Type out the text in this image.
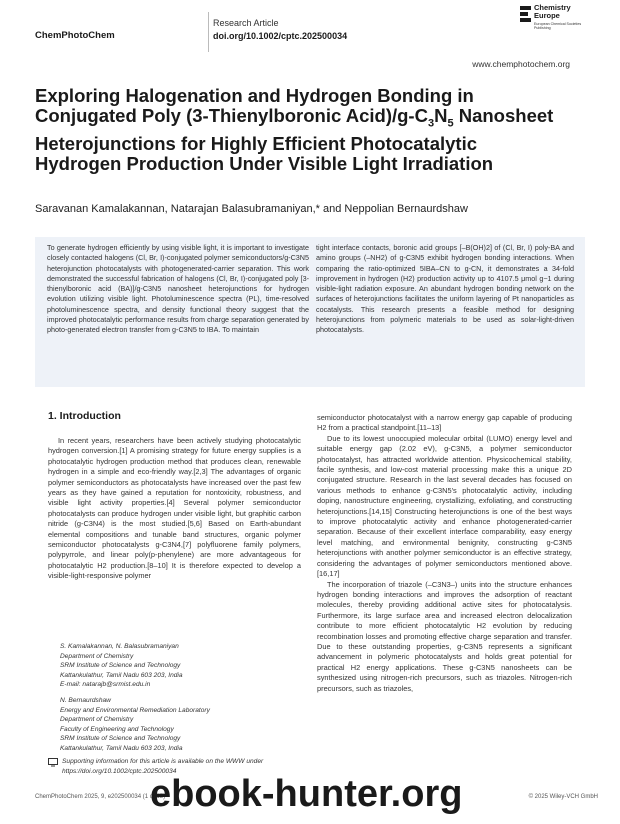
ChemPhotoChem
Research Article
doi.org/10.1002/cptc.202500034
Chemistry
Europe
European Chemical Societies Publishing
www.chemphotochem.org
Exploring Halogenation and Hydrogen Bonding in Conjugated Poly (3-Thienylboronic $Acid)/g-C_3N_5$ Nanosheet Heterojunctions for Highly Efficient Photocatalytic Hydrogen Production Under Visible Light Irradiation
Saravanan Kamalakannan, Natarajan Balasubramaniyan,* and Neppolian Bernaurdshaw
To generate hydrogen efficiently by using visible light, it is important to investigate closely contacted halogens (Cl, Br, I)-conjugated polymer semiconductors/g-C3N5 heterojunction photocatalysts with photogenerated-carrier separation. This work demonstrated the successful fabrication of halogens (Cl, Br, I)-conjugated poly [3-thienylboronic acid (BA)]/g-C3N5 nanosheet heterojunctions for hydrogen evolution utilizing visible light. Photoluminescence spectra (PL), time-resolved photoluminescence spectra, and density functional theory suggest that the improved photocatalytic performance results from charge separation generated by photo-generated electron transfer from g-C3N5 to IBA. To maintain
tight interface contacts, boronic acid groups [–B(OH)2] of (Cl, Br, I) poly-BA and amino groups (–NH2) of g-C3N5 exhibit hydrogen bonding interactions. When comparing the ratio-optimized 5IBA–CN to g-CN, it demonstrates a 34-fold improvement in hydrogen (H2) production activity up to 4107.5 μmol g−1 during visible-light radiation exposure. An abundant hydrogen bonding network on the surfaces of heterojunctions facilitates the uniform layering of Pt nanoparticles as cocatalysts. This research presents a feasible method for designing heterojunctions from polymeric materials to be used as solar-light-driven photocatalysts.
1. Introduction

In recent years, researchers have been actively studying photocatalytic hydrogen conversion.[1] A promising strategy for future energy supplies is a photocatalytic hydrogen production method that produces clean, renewable hydrogen in a simple and eco-friendly way.[2,3] The advantages of organic polymer semiconductors as photocatalysts have increased over the past few years as they have gained a reputation for nontoxicity, robustness, and visible light activity properties.[4] Several polymer semiconductor photocatalysts can produce hydrogen under visible light, but graphitic carbon nitride (g-C3N4) is the most studied.[5,6] Based on Earth-abundant elemental compositions and tunable band structures, organic polymer semiconductor photocatalysts g-C3N4,[7] polyfluorene family polymers, polypyrrole, and linear poly(p-phenylene) are more advantageous for photocatalytic H2 production.[8–10] It is therefore expected to develop a visible-light-responsive polymer

semiconductor photocatalyst with a narrow energy gap capable of producing H2 from a practical standpoint.[11–13]

Due to its lowest unoccupied molecular orbital (LUMO) energy level and suitable energy gap (2.02 eV), g-C3N5, a polymer semiconductor photocatalyst, has attracted worldwide attention. Physicochemical stability, facile synthesis, and low-cost material processing make this a unique 2D conjugated structure. Research in the last several decades has focused on various methods to enhance g-C3N5's photocatalytic activity, including doping, nanostructure engineering, crystallizing, exfoliating, and constructing heterojunctions.[14,15] Constructing heterojunctions is one of the best ways to improve photocatalytic activity and enhance photogenerated-carrier separation. Because of their excellent interface comparability, easy energy level matching, and environmental benignity, constructing g-C3N5 heterojunctions with another polymer semiconductor is an effective strategy, considering the advantages of polymer semiconductors mentioned above.[16,17]

The incorporation of triazole (–C3N3–) units into the structure enhances hydrogen bonding interactions and improves the adsorption of reactant molecules, thereby providing additional active sites for photocatalysis. Furthermore, its large surface area and increased electron delocalization contribute to more efficient photocatalytic H2 evolution by reducing recombination losses and promoting effective charge separation and transfer. Due to these outstanding properties, g-C3N5 represents a significant advancement in polymeric photocatalysts and holds great potential for practical H2 energy applications. These g-C3N5 nanosheets can be synthesized using nitrogen-rich precursors, such as triazoles. Nitrogen-rich precursors, such as triazoles,

S. Kamalakannan, N. Balasubramaniyan
Department of Chemistry
SRM Institute of Science and Technology
Kattankulathur, Tamil Nadu 603 203, India
E-mail: natarajb@srmist.edu.in
N. Bernaurdshaw
Energy and Environmental Remediation Laboratory
Department of Chemistry
Faculty of Engineering and Technology
SRM Institute of Science and Technology
Kattankulathur, Tamil Nadu 603 203, India
Supporting information for this article is available on the WWW under https://doi.org/10.1002/cptc.202500034
ChemPhotoChem 2025, 9, e202500034 (1 of 15)	© 2025 Wiley-VCH GmbH
ebook-hunter.org
